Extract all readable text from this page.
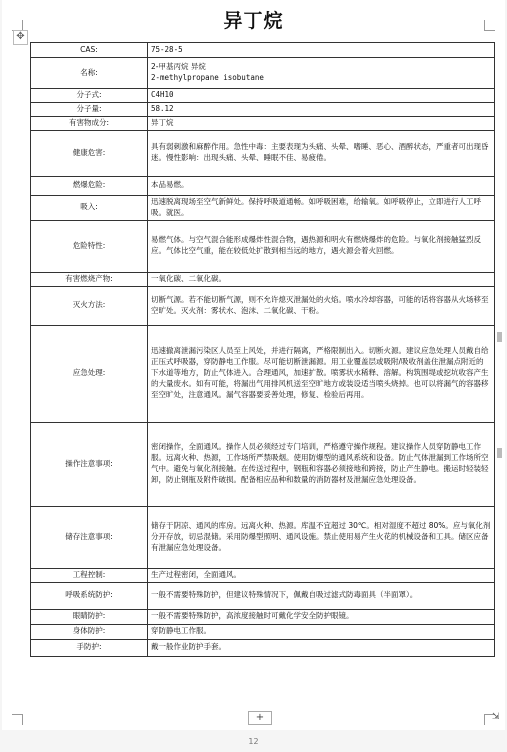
异丁烷
✥
CAS:	75-28-5

名称:	2-甲基丙烷 异烷
2-methylpropane isobutane

分子式:	C4H10

分子量:	58.12

有害物成分:	异丁烷

健康危害:	具有弱刺激和麻醉作用。急性中毒：主要表现为头痛、头晕、嗜睡、恶心、酒醉状态，严重者可出现昏迷。慢性影响：出现头痛、头晕、睡眠不佳、易疲倦。

燃爆危险:	本品易燃。

吸入:	迅速脱离现场至空气新鲜处。保持呼吸道通畅。如呼吸困难，给输氧。如呼吸停止，立即进行人工呼吸。就医。

危险特性:	易燃气体。与空气混合能形成爆炸性混合物，遇热源和明火有燃烧爆炸的危险。与氧化剂接触猛烈反应。气体比空气重，能在较低处扩散到相当远的地方，遇火源会着火回燃。

有害燃烧产物:	一氧化碳、二氧化碳。

灭火方法:	切断气源。若不能切断气源，则不允许熄灭泄漏处的火焰。喷水冷却容器，可能的话将容器从火场移至空旷处。灭火剂：雾状水、泡沫、二氧化碳、干粉。

应急处理:	迅速撤离泄漏污染区人员至上风处，并进行隔离，严格限制出入。切断火源。建议应急处理人员戴自给正压式呼吸器，穿防静电工作服。尽可能切断泄漏源。用工业覆盖层或吸附/吸收剂盖住泄漏点附近的下水道等地方，防止气体进入。合理通风，加速扩散。喷雾状水稀释、溶解。构筑围堤或挖坑收容产生的大量废水。如有可能，将漏出气用排风机送至空旷地方或装设适当喷头烧掉。也可以将漏气的容器移至空旷处，注意通风。漏气容器要妥善处理，修复、检验后再用。

操作注意事项:	密闭操作，全面通风。操作人员必须经过专门培训，严格遵守操作规程。建议操作人员穿防静电工作服。远离火种、热源，工作场所严禁吸烟。使用防爆型的通风系统和设备。防止气体泄漏到工作场所空气中。避免与氧化剂接触。在传送过程中，钢瓶和容器必须接地和跨接，防止产生静电。搬运时轻装轻卸，防止钢瓶及附件破损。配备相应品种和数量的消防器材及泄漏应急处理设备。

储存注意事项:	储存于阴凉、通风的库房。远离火种、热源。库温不宜超过 30℃。相对湿度不超过 80%。应与氧化剂分开存放，切忌混储。采用防爆型照明、通风设施。禁止使用易产生火花的机械设备和工具。储区应备有泄漏应急处理设备。

工程控制:	生产过程密闭，全面通风。

呼吸系统防护:	一般不需要特殊防护，但建议特殊情况下，佩戴自吸过滤式防毒面具（半面罩）。

眼睛防护:	一般不需要特殊防护，高浓度接触时可戴化学安全防护眼镜。

身体防护:	穿防静电工作服。

手防护:	戴一般作业防护手套。
+	⇲
12
